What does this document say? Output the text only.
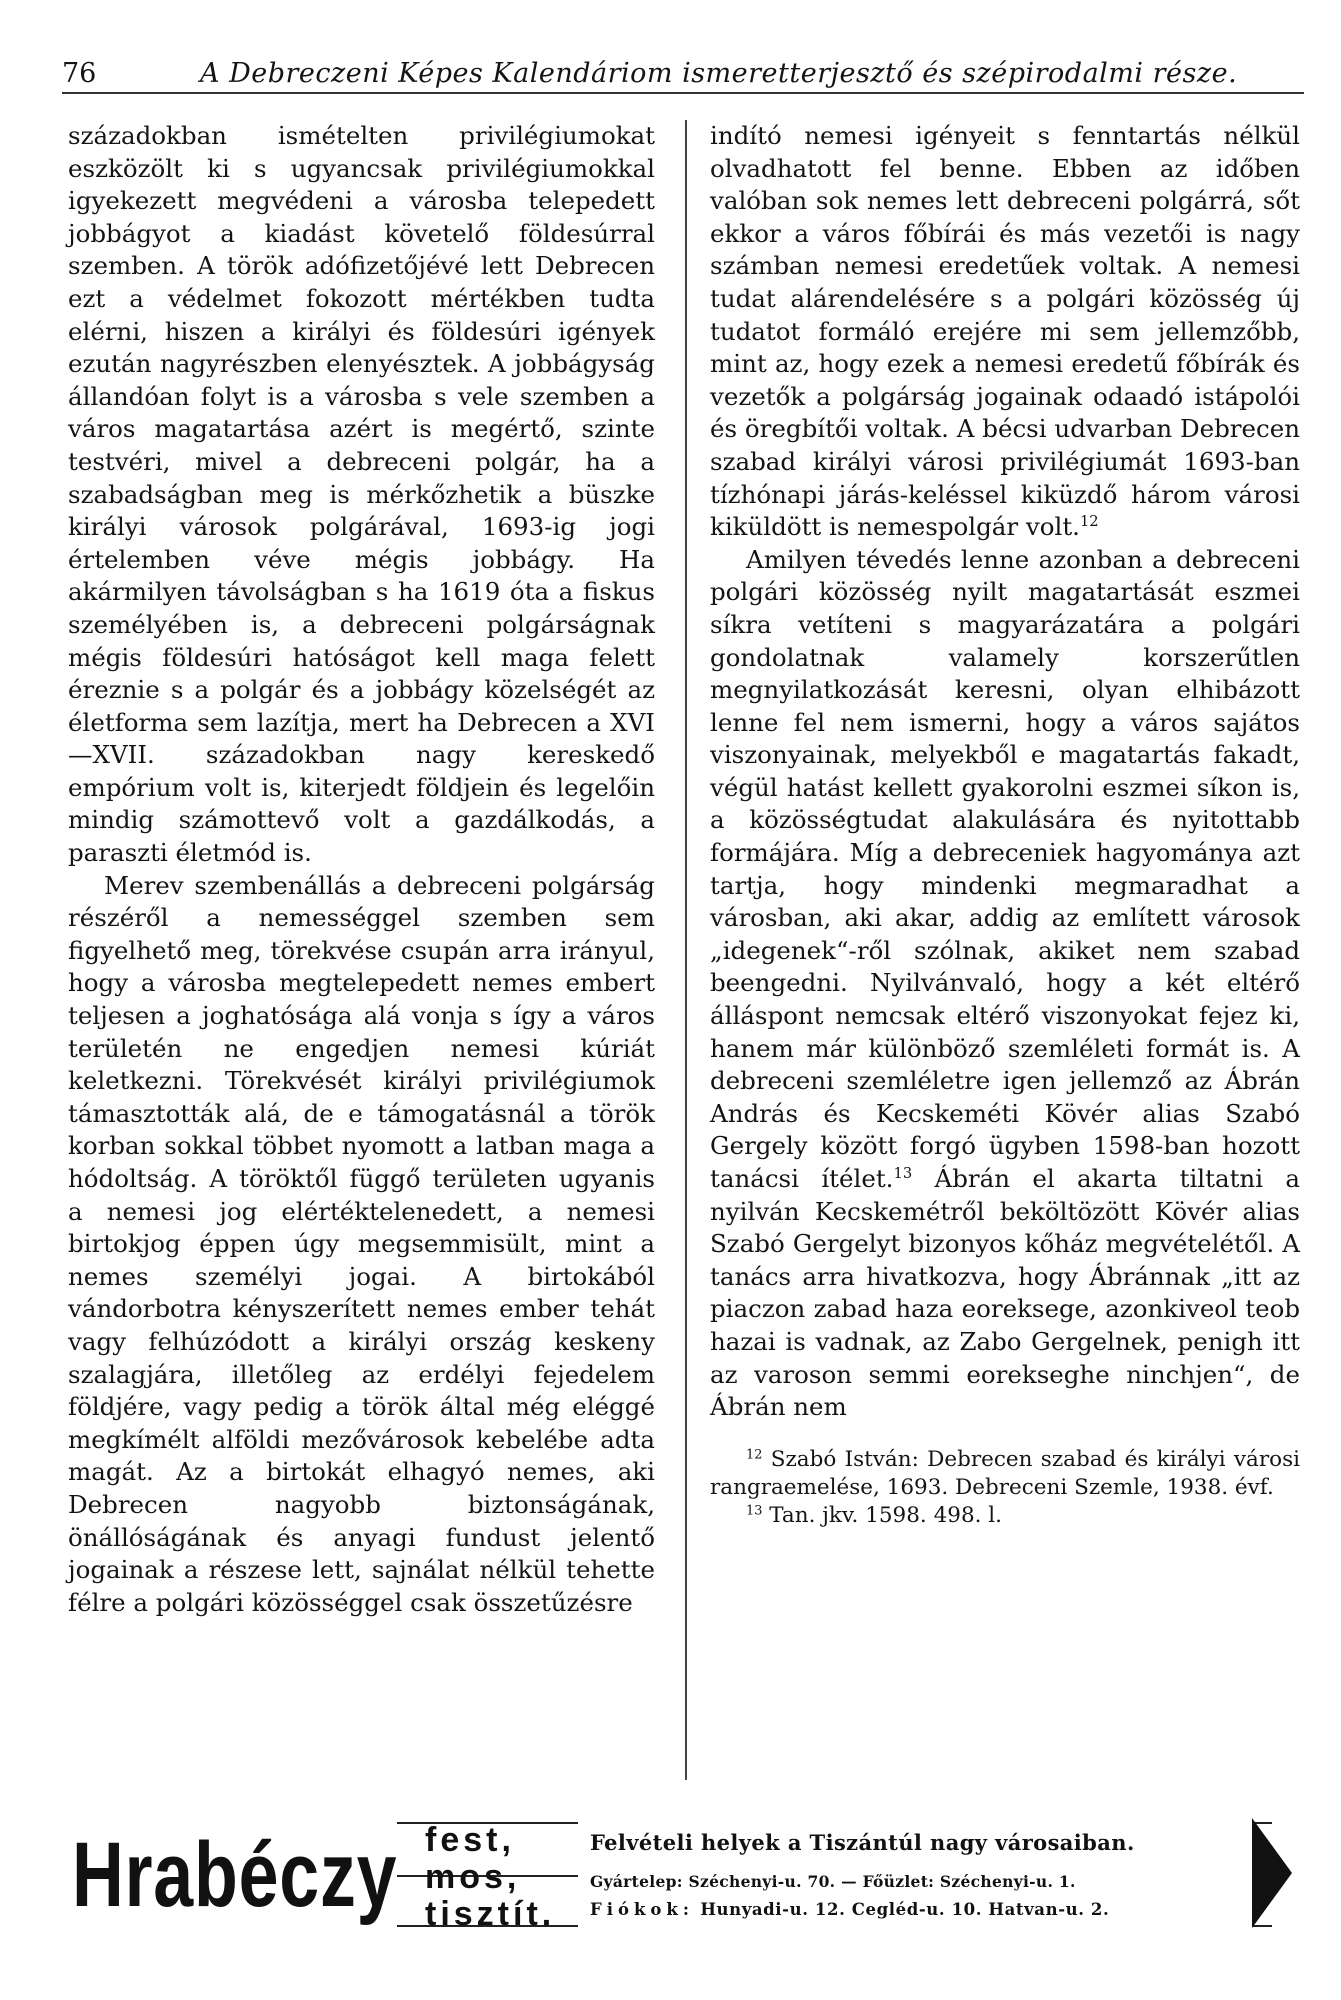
76	A Debreczeni Képes Kalendáriom ismeretterjesztő és szépirodalmi része.

századokban ismételten privilégiumokat eszközölt ki s ugyancsak privilégiumokkal igyekezett megvédeni a városba telepedett jobbágyot a kiadást követelő földesúrral szemben. A török adófizetőjévé lett Debrecen ezt a védelmet fokozott mértékben tudta elérni, hiszen a királyi és földesúri igények ezután nagyrészben elenyésztek. A jobbágyság állandóan folyt is a városba s vele szemben a város magatartása azért is megértő, szinte testvéri, mivel a debreceni polgár, ha a szabadságban meg is mérkőzhetik a büszke királyi városok polgárával, 1693-ig jogi értelemben véve mégis jobbágy. Ha akármilyen távolságban s ha 1619 óta a fiskus személyében is, a debreceni polgárságnak mégis földesúri hatóságot kell maga felett éreznie s a polgár és a jobbágy közelségét az életforma sem lazítja, mert ha Debrecen a XVI—XVII. századokban nagy kereskedő empórium volt is, kiterjedt földjein és legelőin mindig számottevő volt a gazdálkodás, a paraszti életmód is.

Merev szembenállás a debreceni polgárság részéről a nemességgel szemben sem figyelhető meg, törekvése csupán arra irányul, hogy a városba megtelepedett nemes embert teljesen a joghatósága alá vonja s így a város területén ne engedjen nemesi kúriát keletkezni. Törekvését királyi privilégiumok támasztották alá, de e támogatásnál a török korban sokkal többet nyomott a latban maga a hódoltság. A töröktől függő területen ugyanis a nemesi jog elértéktelenedett, a nemesi birtokjog éppen úgy megsemmisült, mint a nemes személyi jogai. A birtokából vándorbotra kényszerített nemes ember tehát vagy felhúzódott a királyi ország keskeny szalagjára, illetőleg az erdélyi fejedelem földjére, vagy pedig a török által még eléggé megkímélt alföldi mezővárosok kebelébe adta magát. Az a birtokát elhagyó nemes, aki Debrecen nagyobb biztonságának, önállóságának és anyagi fundust jelentő jogainak a részese lett, sajnálat nélkül tehette félre a polgári közösséggel csak összetűzésre

indító nemesi igényeit s fenntartás nélkül olvadhatott fel benne. Ebben az időben valóban sok nemes lett debreceni polgárrá, sőt ekkor a város főbírái és más vezetői is nagy számban nemesi eredetűek voltak. A nemesi tudat alárendelésére s a polgári közösség új tudatot formáló erejére mi sem jellemzőbb, mint az, hogy ezek a nemesi eredetű főbírák és vezetők a polgárság jogainak odaadó istápolói és öregbítői voltak. A bécsi udvarban Debrecen szabad királyi városi privilégiumát 1693-ban tízhónapi járás-keléssel kiküzdő három városi kiküldött is nemespolgár volt.$^{12}$

Amilyen tévedés lenne azonban a debreceni polgári közösség nyilt magatartását eszmei síkra vetíteni s magyarázatára a polgári gondolatnak valamely korszerűtlen megnyilatkozását keresni, olyan elhibázott lenne fel nem ismerni, hogy a város sajátos viszonyainak, melyekből e magatartás fakadt, végül hatást kellett gyakorolni eszmei síkon is, a közösségtudat alakulására és nyitottabb formájára. Míg a debreceniek hagyománya azt tartja, hogy mindenki megmaradhat a városban, aki akar, addig az említett városok „idegenek“-ről szólnak, akiket nem szabad beengedni. Nyilvánvaló, hogy a két eltérő álláspont nemcsak eltérő viszonyokat fejez ki, hanem már különböző szemléleti formát is. A debreceni szemléletre igen jellemző az Ábrán András és Kecskeméti Kövér alias Szabó Gergely között forgó ügyben 1598-ban hozott tanácsi ítélet.$^{13}$ Ábrán el akarta tiltatni a nyilván Kecskemétről beköltözött Kövér alias Szabó Gergelyt bizonyos kőház megvételétől. A tanács arra hivatkozva, hogy Ábránnak „itt az piaczon zabad haza eoreksege, azonkiveol teob hazai is vadnak, az Zabo Gergelnek, penigh itt az varoson semmi eorekseghe ninchjen“, de Ábrán nem

$^{12}$ Szabó István: Debrecen szabad és királyi városi rangraemelése, 1693. Debreceni Szemle, 1938. évf.

$^{13}$ Tan. jkv. 1598. 498. l.

Hrabéczy fest,
mos,
tisztít.
Felvételi helyek a Tiszántúl nagy városaiban.
Gyártelep: Széchenyi-u. 70. — Főüzlet: Széchenyi-u. 1.
Fiókok: Hunyadi-u. 12. Cegléd-u. 10. Hatvan-u. 2.
